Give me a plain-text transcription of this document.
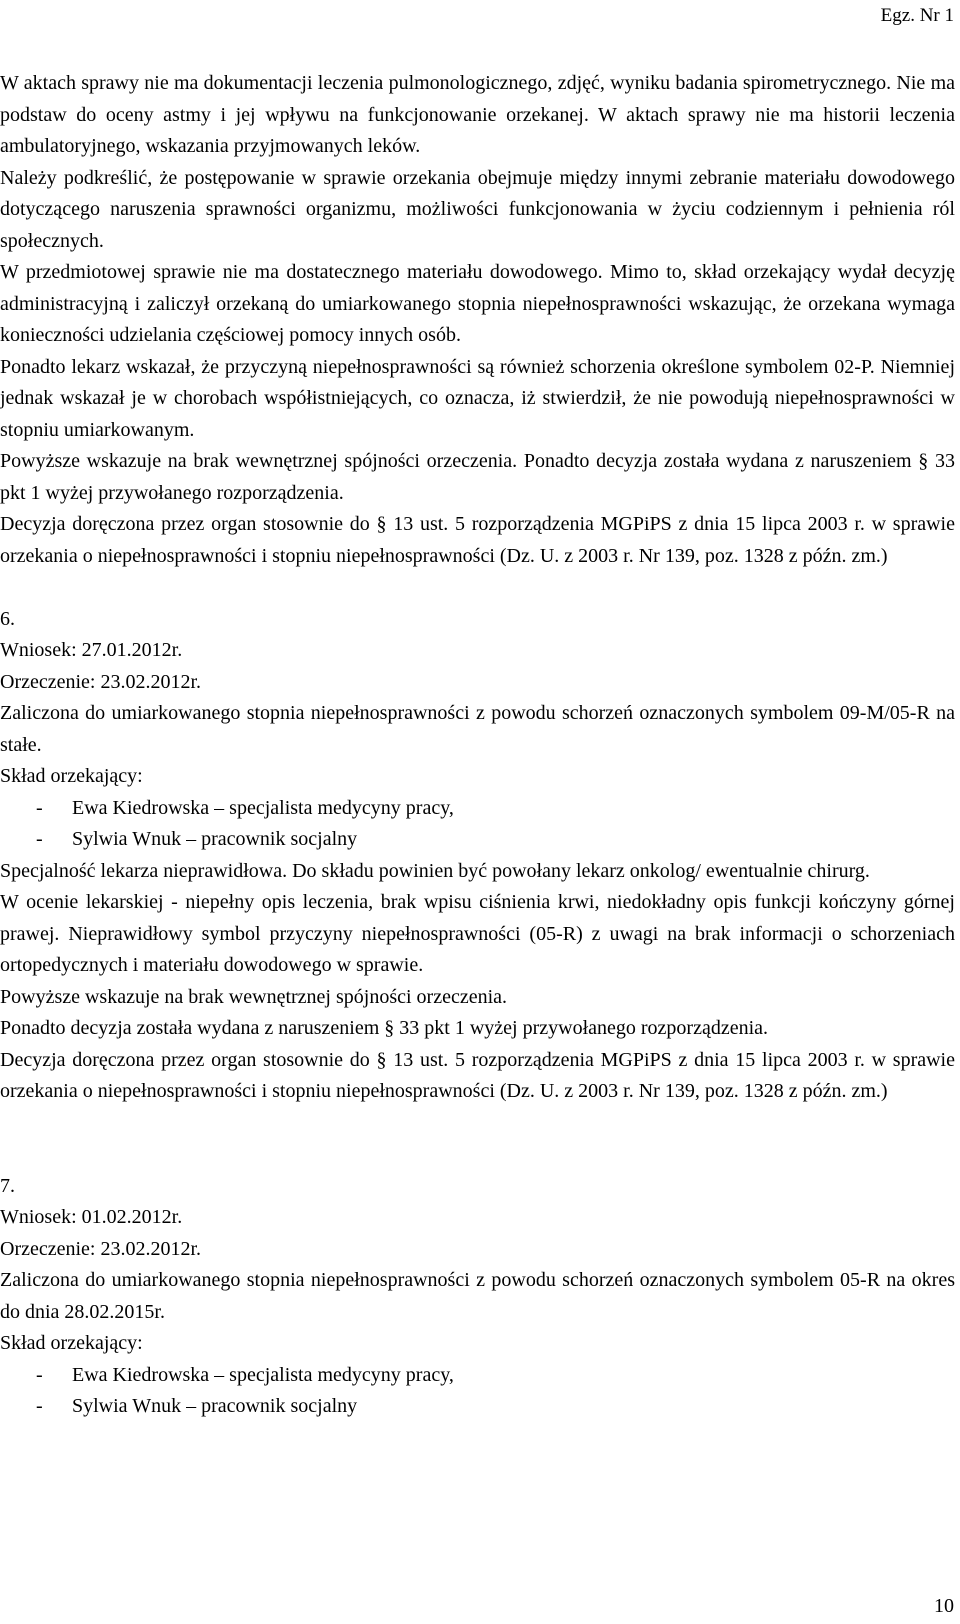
Egz. Nr 1

W aktach sprawy nie ma dokumentacji leczenia pulmonologicznego, zdjęć, wyniku badania spirometrycznego. Nie ma podstaw do oceny astmy i jej wpływu na funkcjonowanie orzekanej. W aktach sprawy nie ma historii leczenia ambulatoryjnego, wskazania przyjmowanych leków.

Należy podkreślić, że postępowanie w sprawie orzekania obejmuje między innymi zebranie materiału dowodowego dotyczącego naruszenia sprawności organizmu, możliwości funkcjonowania w życiu codziennym i pełnienia ról społecznych.

W przedmiotowej sprawie nie ma dostatecznego materiału dowodowego. Mimo to, skład orzekający wydał decyzję administracyjną i zaliczył orzekaną do umiarkowanego stopnia niepełnosprawności wskazując, że orzekana wymaga konieczności udzielania częściowej pomocy innych osób.

Ponadto lekarz wskazał, że przyczyną niepełnosprawności są również schorzenia określone symbolem 02-P. Niemniej jednak wskazał je w chorobach współistniejących, co oznacza, iż stwierdził, że nie powodują niepełnosprawności w stopniu umiarkowanym.

Powyższe wskazuje na brak wewnętrznej spójności orzeczenia. Ponadto decyzja została wydana z naruszeniem § 33 pkt 1 wyżej przywołanego rozporządzenia.

Decyzja doręczona przez organ stosownie do § 13 ust. 5 rozporządzenia MGPiPS z dnia 15 lipca 2003 r. w sprawie orzekania o niepełnosprawności i stopniu niepełnosprawności (Dz. U. z 2003 r. Nr 139, poz. 1328 z późn. zm.)

6.

Wniosek: 27.01.2012r.

Orzeczenie: 23.02.2012r.

Zaliczona do umiarkowanego stopnia niepełnosprawności z powodu schorzeń oznaczonych symbolem 09-M/05-R na stałe.

Skład orzekający:

- Ewa Kiedrowska – specjalista medycyny pracy,
- Sylwia Wnuk – pracownik socjalny

Specjalność lekarza nieprawidłowa. Do składu powinien być powołany lekarz onkolog/ ewentualnie chirurg.

W ocenie lekarskiej - niepełny opis leczenia, brak wpisu ciśnienia krwi, niedokładny opis funkcji kończyny górnej prawej. Nieprawidłowy symbol przyczyny niepełnosprawności (05-R) z uwagi na brak informacji o schorzeniach ortopedycznych i materiału dowodowego w sprawie.

Powyższe wskazuje na brak wewnętrznej spójności orzeczenia.

Ponadto decyzja została wydana z naruszeniem § 33 pkt 1 wyżej przywołanego rozporządzenia.

Decyzja doręczona przez organ stosownie do § 13 ust. 5 rozporządzenia MGPiPS z dnia 15 lipca 2003 r. w sprawie orzekania o niepełnosprawności i stopniu niepełnosprawności (Dz. U. z 2003 r. Nr 139, poz. 1328 z późn. zm.)

7.

Wniosek: 01.02.2012r.

Orzeczenie: 23.02.2012r.

Zaliczona do umiarkowanego stopnia niepełnosprawności z powodu schorzeń oznaczonych symbolem 05-R na okres do dnia 28.02.2015r.

Skład orzekający:

- Ewa Kiedrowska – specjalista medycyny pracy,
- Sylwia Wnuk – pracownik socjalny
10
